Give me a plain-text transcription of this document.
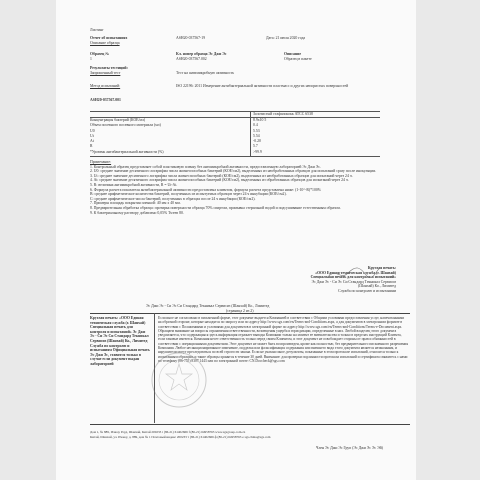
Листинг
Отчет об испытаниях
Описание образца
ASH20-037567-19	Дата: 21 июля 2020 года
Образец №
1
Кл. номер образца Эс Джи Эс
ASH20-037567.002
Описание
Образец в пакете
Результаты тестиций:
Запрошенный тест	Тест на антимикробную активность
Метод испытаний:	ISO 22196: 2011 Измерение антибактериальной активности пластмасс и других непористых поверхностей
ASH20-037567.001
Золотистый стафилококк ATCC 6538
Концентрация бактерий (КОЕ/мл)	8.9x10 5
Объем посевного посевного материала (мл)	0.4
U0	5.53
Ut	5.54
At	-0.20
R	5.7
*Уровень антибактериальной активности (%)	>99.9
Примечание:
1. Контрольный образец представляет собой пластиковую пленку без антимикробной активности, предоставленную лабораторией Эс Джи Эс.
2. U0: среднее значение десятичного логарифма числа жизнеспособных бактерий (КОЕ/см2), выделенных из необработанных образцов для испытаний сразу после инокуляции.
3. Ut: среднее значение десятичного логарифма числа жизнеспособных бактерий (КОЕ/см2), выделенных из необработанных образцов для испытаний через 24 ч.
4. At: среднее значение десятичного логарифма числа жизнеспособных бактерий (КОЕ/см2), выделенных из обработанных образцов для испытаний через 24 ч.
5. R: величина антимикробной активности, R = Ut-At.
6. Формула расчета показателя антибактериальной активности предоставлена клиентом, формула расчета представлена ниже: (1-10^-R)*100%
В: среднее арифметическое количества бактерий, полученных из испытуемых образцов через 24 ч инкубации (КОЕ/см2).
С: среднее арифметическое числа бактерий, полученных в образцах после 24 ч инкубации (КОЕ/см2).
7. Примеры площадь покрытия пленкой: 40 мм x 40 мм.
8. Предварительная обработка образца: протирка поверхности образца 70% спиртом, промывка стерильной водой и подсушивание естественным образом.
9. К бактериальному раствору добавлено 0,05% Tween 80.
Круглая печать:
«ООО Единая техническая служба (г. Шанхай)
Специальная печать для контроля и испытаний»
Эс Джи Эс - Си Эс Си Стандард Текникал Сервисиз
(Шанхай) Ко., Лимитед
Служба по контролю и испытаниям
Эс Джи Эс - Си Эс Си Стандард Текникал Сервисиз (Шанхай) Ко., Лимитед
(страница 2 из 2)
Круглая печать: «ООО Единая техническая служба (г. Шанхай) Специальная печать для контроля и испытаний» Эс Джи Эс - Си Эс Си Стандард Текникал Сервисиз (Шанхай) Ко., Лимитед Служба по контролю и испытаниям Официальная печать Эс Джи Эс, ставится только в случае если документ выдан лабораторией
Если иное не согласовано в письменной форме, этот документ выдается Компанией в соответствии с Общими условиями предоставления услуг, напечатанными на обратной стороне, которые находятся по запросу или по адресу http://www.sgs.com/en/Terms-and-Conditions.aspx, а для документов в электронном формате в соответствии с Положениями и условиями для документов в электронной форме по адресу http://www.sgs.com/en/Terms-and-Conditions/Terms-e-Document.aspx. Обращаем внимание на вопросы ограничения ответственности, возмещения ущерба и юрисдикции, определенные в них. Любой владелец этого документа уведомляется, что содержащаяся здесь информация отражает выводы Компании только на момент ее вмешательства и только в пределах инструкций Клиента, если таковые имеются. Компания несет ответственность только перед своим Клиентом, и этот документ не освобождает стороны от прав и обязанностей в соответствии с операционными документами. Этот документ не может быть воспроизведен, кроме как полностью, без предварительного письменного разрешения Компании. Любое несанкционированное изменение, подделка или фальсификация содержания или внешнего вида этого документа является незаконным, и нарушители могут преследоваться по всей строгости закона. Если не указано иное, результаты, показанные в этом протоколе испытаний, относятся только к испытанным образцам, и такие образцы хранятся в течение 30 дней. Внимание: для проверки подлинности протокола испытаний и сертификата свяжитесь с нами по телефону (86-755) 8307 1443 или по электронной почте: CN.Doccheck@sgs.com
Дом 1, № 889, Ичжоу Роуд, Шанхай, Китай 200233 t (86-21) 61402666 f (86-21) 64958763 www.sgsgroup.com.cn
Китай, Шанхай, ул. Ичжоу, д. 889, дом № 1 Почтовый индекс 200233 т (86-21) 61402666 ф (86-21) 64958763 e sgs.china@sgs.com
Член Эс Джи Эс Груп (Эс Джи Эс Эс Эй)
